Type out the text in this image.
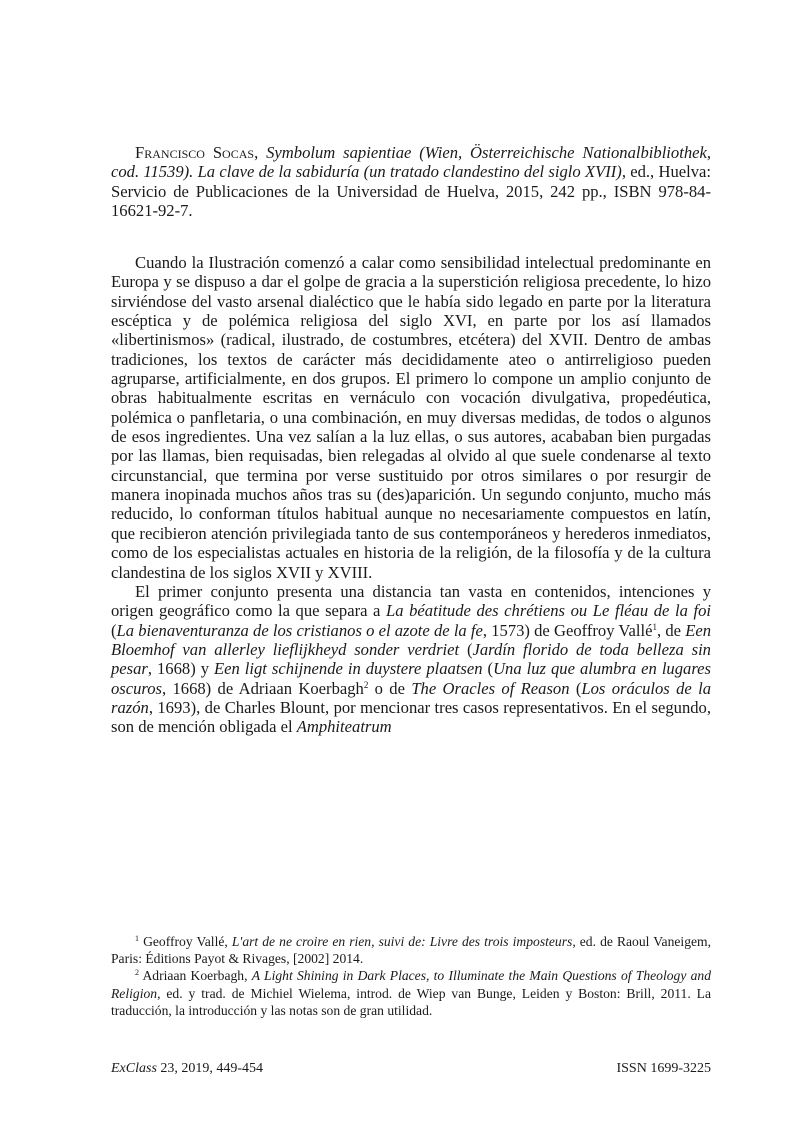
Francisco Socas, Symbolum sapientiae (Wien, Österreichische Nationalbibliothek, cod. 11539). La clave de la sabiduría (un tratado clandestino del siglo XVII), ed., Huelva: Servicio de Publicaciones de la Universidad de Huelva, 2015, 242 pp., ISBN 978-84-16621-92-7.

Cuando la Ilustración comenzó a calar como sensibilidad intelectual predominante en Europa y se dispuso a dar el golpe de gracia a la superstición religiosa precedente, lo hizo sirviéndose del vasto arsenal dialéctico que le había sido legado en parte por la literatura escéptica y de polémica religiosa del siglo XVI, en parte por los así llamados «libertinismos» (radical, ilustrado, de costumbres, etcétera) del XVII. Dentro de ambas tradiciones, los textos de carácter más decididamente ateo o antirreligioso pueden agruparse, artificialmente, en dos grupos. El primero lo compone un amplio conjunto de obras habitualmente escritas en vernáculo con vocación divulgativa, propedéutica, polémica o panfletaria, o una combinación, en muy diversas medidas, de todos o algunos de esos ingredientes. Una vez salían a la luz ellas, o sus autores, acababan bien purgadas por las llamas, bien requisadas, bien relegadas al olvido al que suele condenarse al texto circunstancial, que termina por verse sustituido por otros similares o por resurgir de manera inopinada muchos años tras su (des)aparición. Un segundo conjunto, mucho más reducido, lo conforman títulos habitual aunque no necesariamente compuestos en latín, que recibieron atención privilegiada tanto de sus contemporáneos y herederos inmediatos, como de los especialistas actuales en historia de la religión, de la filosofía y de la cultura clandestina de los siglos XVII y XVIII.

El primer conjunto presenta una distancia tan vasta en contenidos, intenciones y origen geográfico como la que separa a La béatitude des chrétiens ou Le fléau de la foi (La bienaventuranza de los cristianos o el azote de la fe, 1573) de Geoffroy Vallé$^1$, de Een Bloemhof van allerley lieflijkheyd sonder verdriet (Jardín florido de toda belleza sin pesar, 1668) y Een ligt schijnende in duystere plaatsen (Una luz que alumbra en lugares oscuros, 1668) de Adriaan Koerbagh$^2$ o de The Oracles of Reason (Los oráculos de la razón, 1693), de Charles Blount, por mencionar tres casos representativos. En el segundo, son de mención obligada el Amphiteatrum

$^1$ Geoffroy Vallé, L'art de ne croire en rien, suivi de: Livre des trois imposteurs, ed. de Raoul Vaneigem, Paris: Éditions Payot & Rivages, [2002] 2014.

$^2$ Adriaan Koerbagh, A Light Shining in Dark Places, to Illuminate the Main Questions of Theology and Religion, ed. y trad. de Michiel Wielema, introd. de Wiep van Bunge, Leiden y Boston: Brill, 2011. La traducción, la introducción y las notas son de gran utilidad.

ExClass 23, 2019, 449-454	ISSN 1699-3225
